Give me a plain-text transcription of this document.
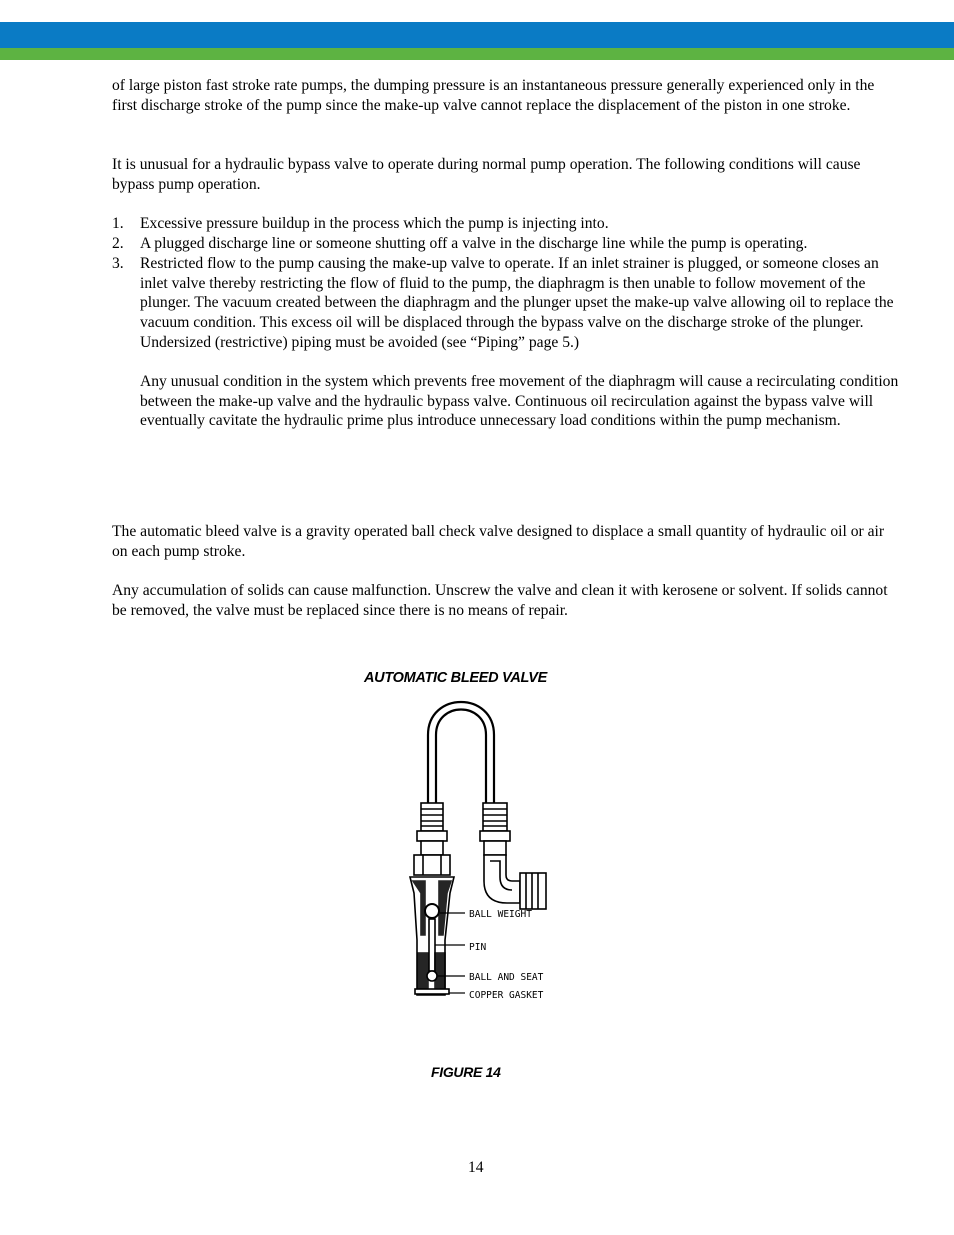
of large piston fast stroke rate pumps, the dumping pressure is an instantaneous pressure generally experienced only in the first discharge stroke of the pump since the make-up valve cannot replace the displacement of the piston in one stroke.

It is unusual for a hydraulic bypass valve to operate during normal pump operation. The following conditions will cause bypass pump operation.

1. Excessive pressure buildup in the process which the pump is injecting into.
2. A plugged discharge line or someone shutting off a valve in the discharge line while the pump is operating.
3. Restricted flow to the pump causing the make-up valve to operate. If an inlet strainer is plugged, or someone closes an inlet valve thereby restricting the flow of fluid to the pump, the diaphragm is then unable to follow movement of the plunger. The vacuum created between the diaphragm and the plunger upset the make-up valve allowing oil to replace the vacuum condition. This excess oil will be displaced through the bypass valve on the discharge stroke of the plunger. Undersized (restrictive) piping must be avoided (see “Piping” page 5.)

Any unusual condition in the system which prevents free movement of the diaphragm will cause a recirculating condition between the make-up valve and the hydraulic bypass valve. Continuous oil recirculation against the bypass valve will eventually cavitate the hydraulic prime plus introduce unnecessary load conditions within the pump mechanism.

The automatic bleed valve is a gravity operated ball check valve designed to displace a small quantity of hydraulic oil or air on each pump stroke.

Any accumulation of solids can cause malfunction. Unscrew the valve and clean it with kerosene or solvent. If solids cannot be removed, the valve must be replaced since there is no means of repair.

AUTOMATIC BLEED VALVE
BALL WEIGHT
PIN
BALL AND SEAT
COPPER GASKET
FIGURE 14
14
